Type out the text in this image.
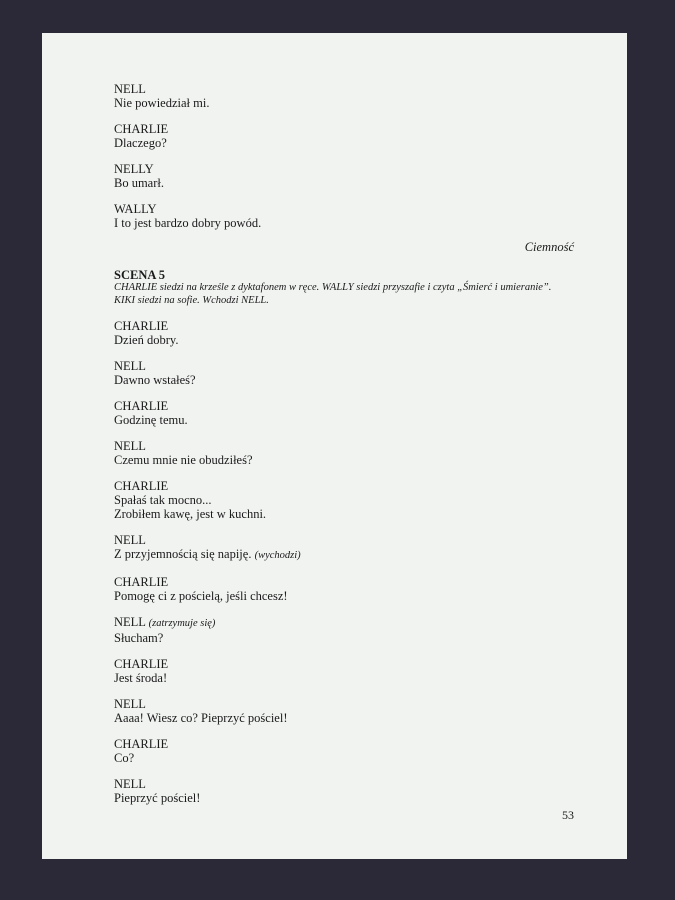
NELL
Nie powiedział mi.
CHARLIE
Dlaczego?
NELLY
Bo umarł.
WALLY
I to jest bardzo dobry powód.
Ciemność
SCENA 5
CHARLIE siedzi na krześle z dyktafonem w ręce. WALLY siedzi przyszafie i czyta „Śmierć i umieranie”. KIKI siedzi na sofie. Wchodzi NELL.
CHARLIE
Dzień dobry.
NELL
Dawno wstałeś?
CHARLIE
Godzinę temu.
NELL
Czemu mnie nie obudziłeś?
CHARLIE
Spałaś tak mocno...
Zrobiłem kawę, jest w kuchni.
NELL
Z przyjemnością się napiję. (wychodzi)
CHARLIE
Pomogę ci z pościelą, jeśli chcesz!
NELL (zatrzymuje się)
Słucham?
CHARLIE
Jest środa!
NELL
Aaaa! Wiesz co? Pieprzyć pościel!
CHARLIE
Co?
NELL
Pieprzyć pościel!
53
